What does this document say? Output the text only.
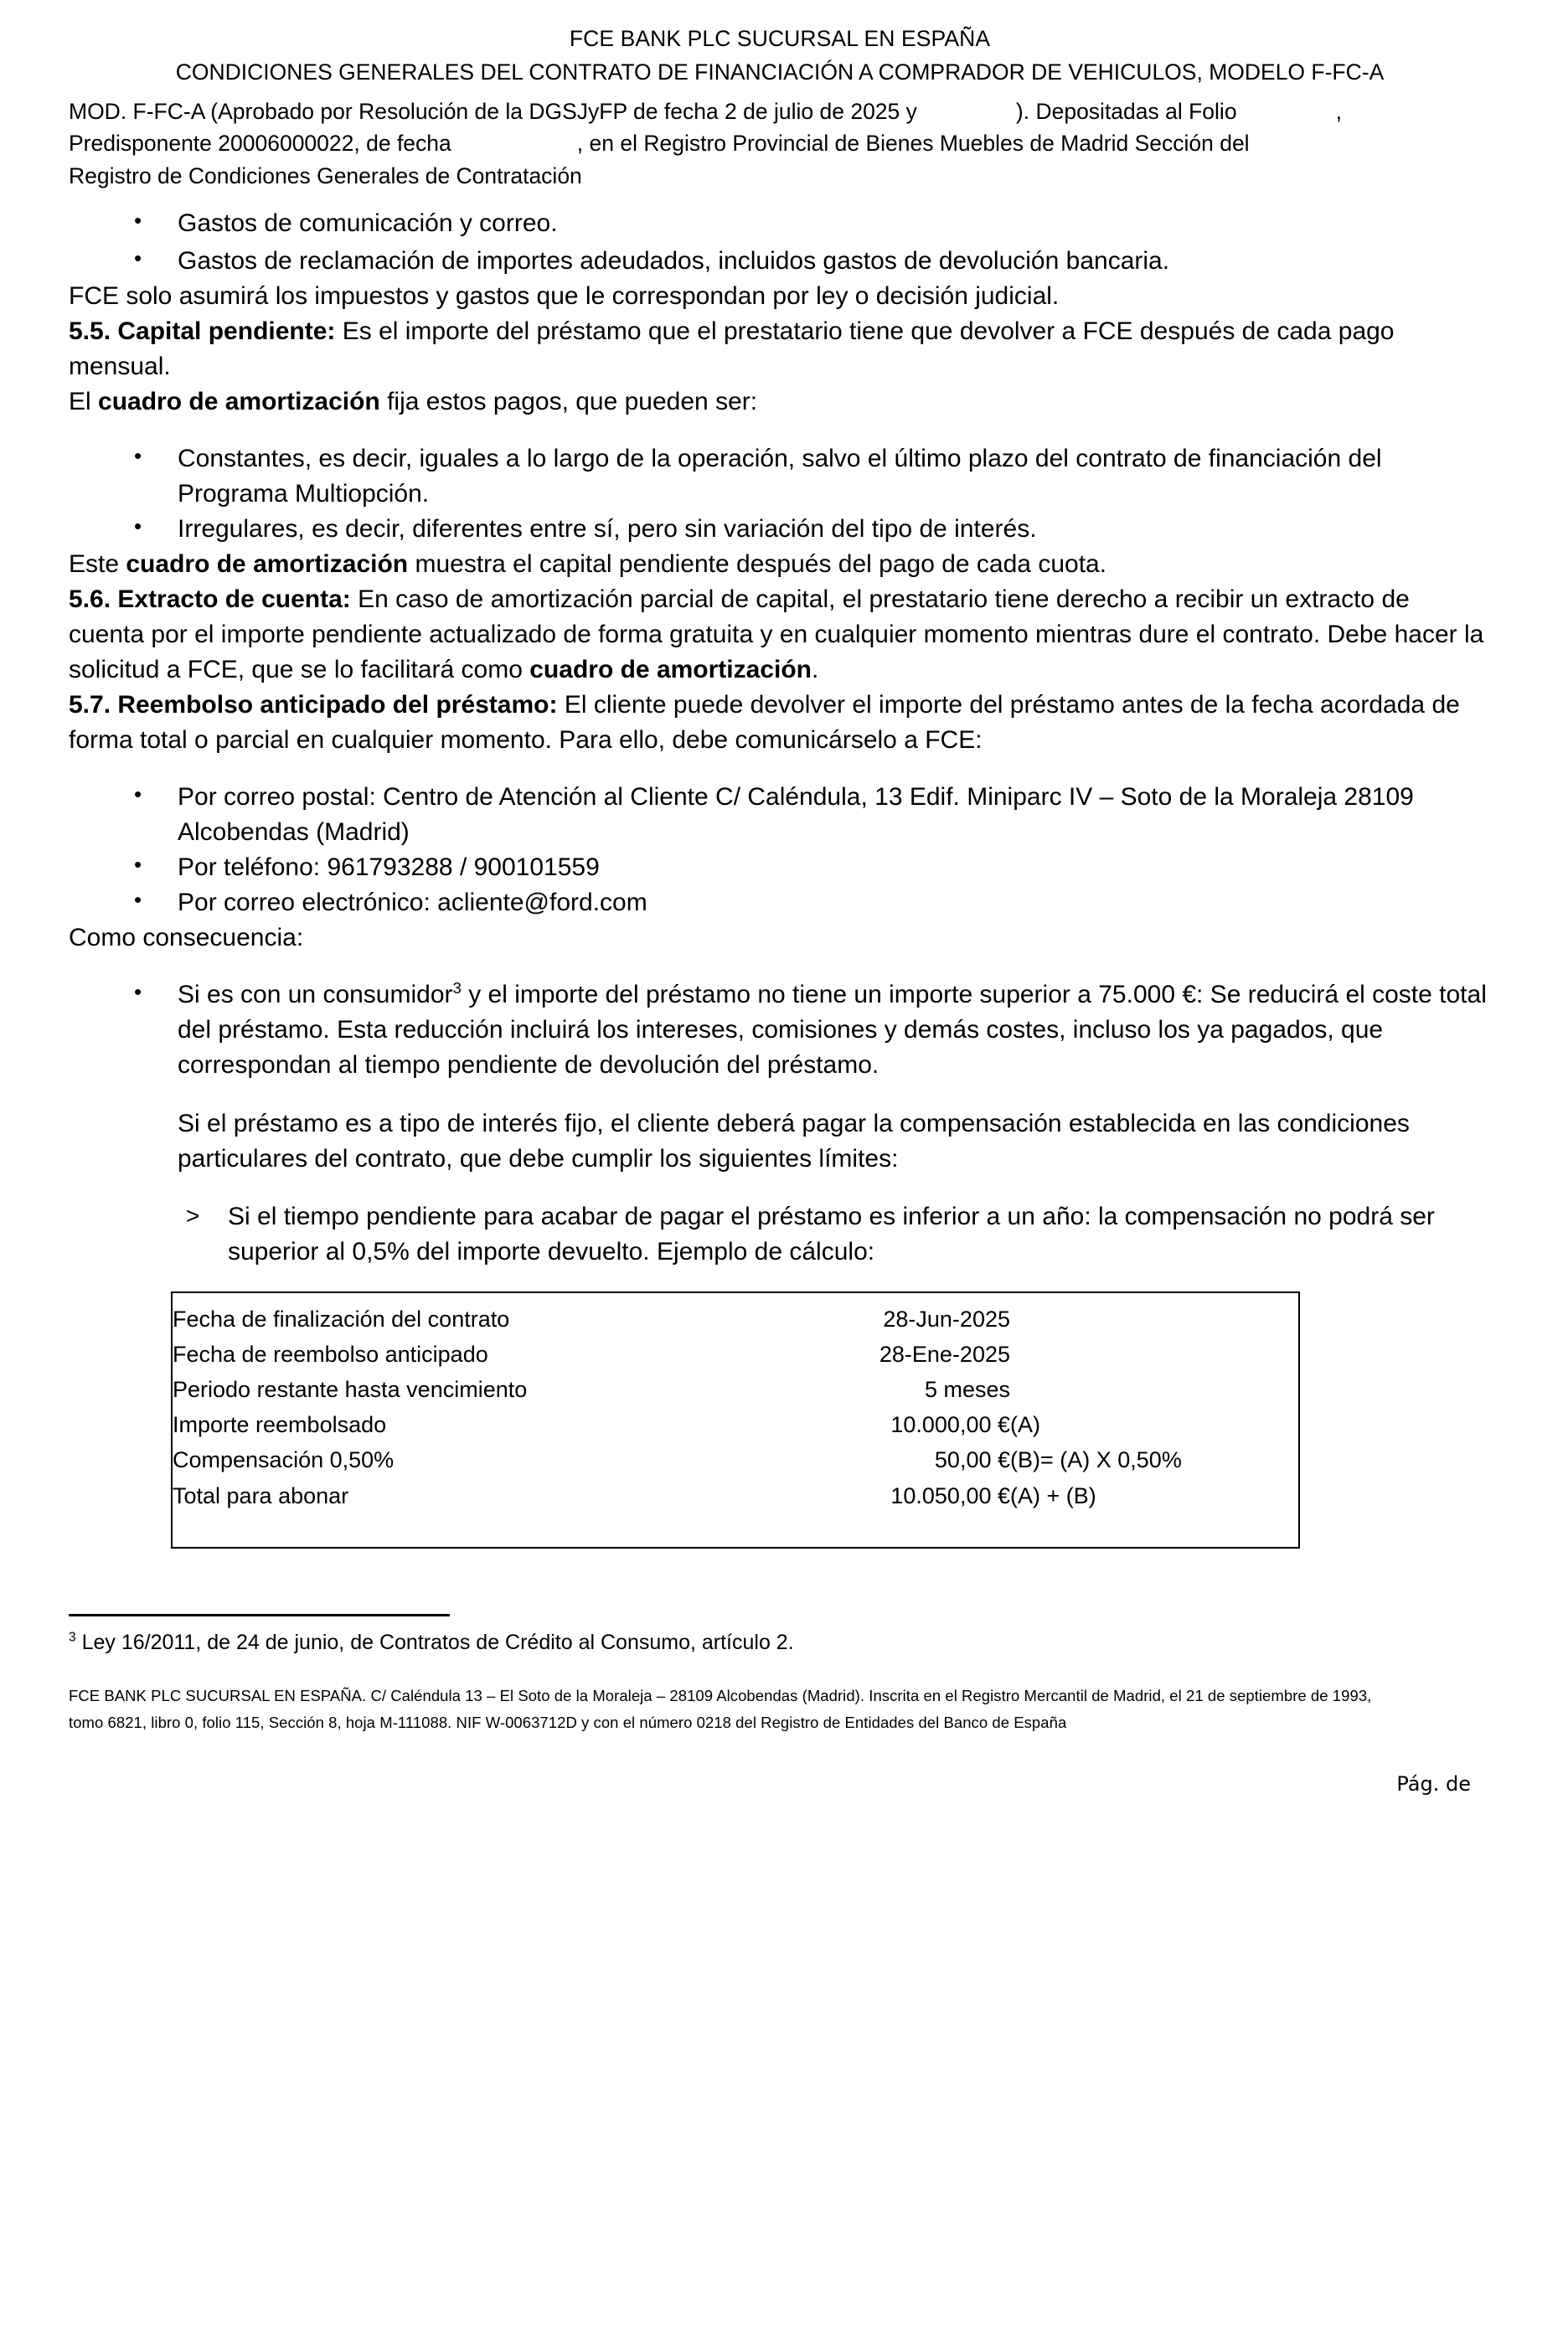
FCE BANK PLC SUCURSAL EN ESPAÑA
CONDICIONES GENERALES DEL CONTRATO DE FINANCIACIÓN A COMPRADOR DE VEHICULOS, MODELO F-FC-A
MOD. F-FC-A (Aprobado por Resolución de la DGSJyFP de fecha 2 de julio de 2025 y	). Depositadas al Folio	,
Predisponente 20006000022, de fecha	, en el Registro Provincial de Bienes Muebles de Madrid Sección del
Registro de Condiciones Generales de Contratación
• Gastos de comunicación y correo.
• Gastos de reclamación de importes adeudados, incluidos gastos de devolución bancaria.

FCE solo asumirá los impuestos y gastos que le correspondan por ley o decisión judicial.

5.5. Capital pendiente: Es el importe del préstamo que el prestatario tiene que devolver a FCE después de cada pago mensual.

El cuadro de amortización fija estos pagos, que pueden ser:

• Constantes, es decir, iguales a lo largo de la operación, salvo el último plazo del contrato de financiación del Programa Multiopción.
• Irregulares, es decir, diferentes entre sí, pero sin variación del tipo de interés.

Este cuadro de amortización muestra el capital pendiente después del pago de cada cuota.

5.6. Extracto de cuenta: En caso de amortización parcial de capital, el prestatario tiene derecho a recibir un extracto de cuenta por el importe pendiente actualizado de forma gratuita y en cualquier momento mientras dure el contrato. Debe hacer la solicitud a FCE, que se lo facilitará como cuadro de amortización.

5.7. Reembolso anticipado del préstamo: El cliente puede devolver el importe del préstamo antes de la fecha acordada de forma total o parcial en cualquier momento. Para ello, debe comunicárselo a FCE:

• Por correo postal: Centro de Atención al Cliente C/ Caléndula, 13 Edif. Miniparc IV – Soto de la Moraleja 28109 Alcobendas (Madrid)
• Por teléfono: 961793288 / 900101559
• Por correo electrónico: acliente@ford.com

Como consecuencia:

• Si es con un consumidor$^3$ y el importe del préstamo no tiene un importe superior a 75.000 €: Se reducirá el coste total del préstamo. Esta reducción incluirá los intereses, comisiones y demás costes, incluso los ya pagados, que correspondan al tiempo pendiente de devolución del préstamo.
Si el préstamo es a tipo de interés fijo, el cliente deberá pagar la compensación establecida en las condiciones particulares del contrato, que debe cumplir los siguientes límites:
> Si el tiempo pendiente para acabar de pagar el préstamo es inferior a un año: la compensación no podrá ser superior al 0,5% del importe devuelto. Ejemplo de cálculo:
Fecha de finalización del contrato	28-Jun-2025	
Fecha de reembolso anticipado	28-Ene-2025	
Periodo restante hasta vencimiento	5 meses	
Importe reembolsado	10.000,00 €	(A)
Compensación 0,50%	50,00 €	(B)= (A) X 0,50%
Total para abonar	10.050,00 €	(A) + (B)
$^3$ Ley 16/2011, de 24 de junio, de Contratos de Crédito al Consumo, artículo 2.
FCE BANK PLC SUCURSAL EN ESPAÑA. C/ Caléndula 13 – El Soto de la Moraleja – 28109 Alcobendas (Madrid). Inscrita en el Registro Mercantil de Madrid, el 21 de septiembre de 1993,
tomo 6821, libro 0, folio 115, Sección 8, hoja M-111088. NIF W-0063712D y con el número 0218 del Registro de Entidades del Banco de España
Pág. de
